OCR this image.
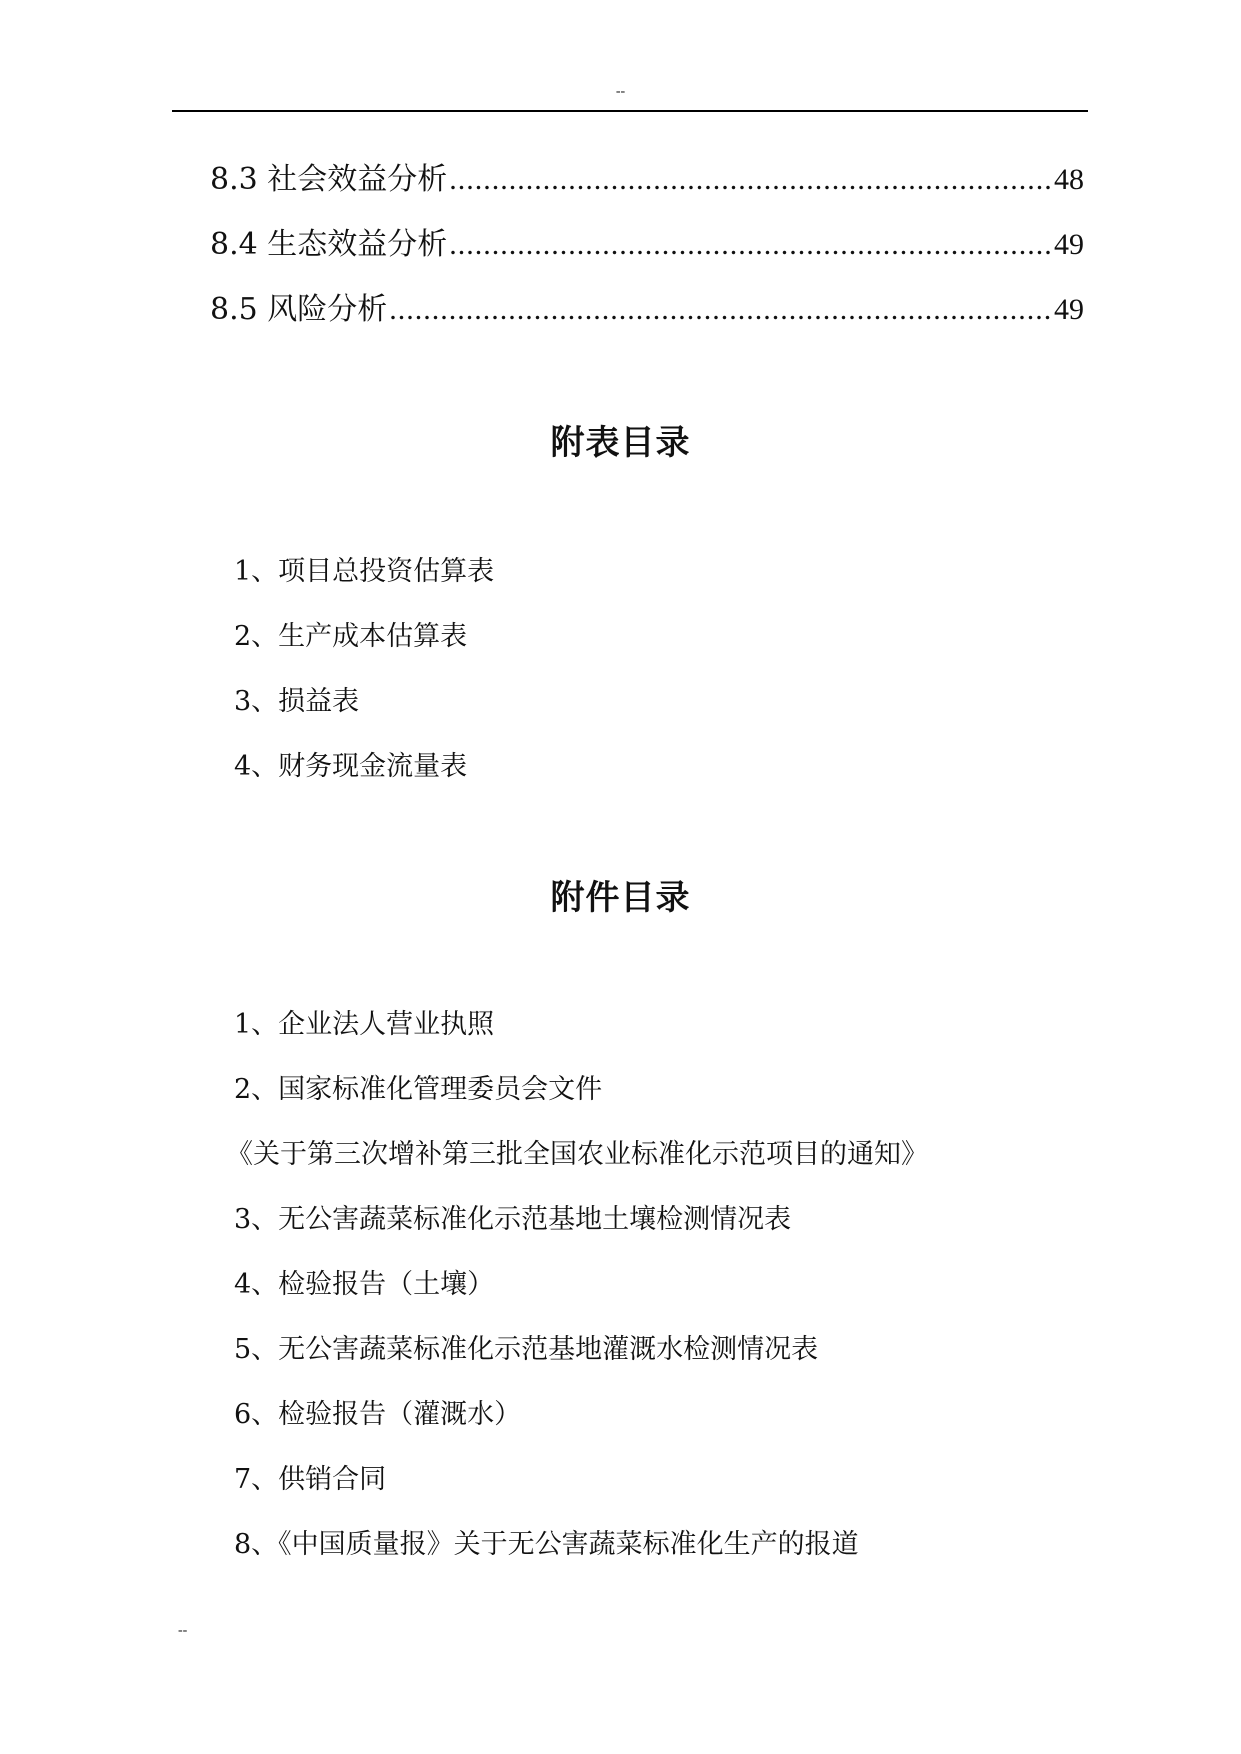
--
8.3 社会效益分析 .....	48
8.4 生态效益分析 .....	49
8.5 风险分析 .....	49
附表目录
1、项目总投资估算表
2、生产成本估算表
3、损益表
4、财务现金流量表
附件目录
1、企业法人营业执照
2、国家标准化管理委员会文件
《关于第三次增补第三批全国农业标准化示范项目的通知》
3、无公害蔬菜标准化示范基地土壤检测情况表
4、检验报告（土壤）
5、无公害蔬菜标准化示范基地灌溉水检测情况表
6、检验报告（灌溉水）
7、供销合同
8、《中国质量报》关于无公害蔬菜标准化生产的报道
--
